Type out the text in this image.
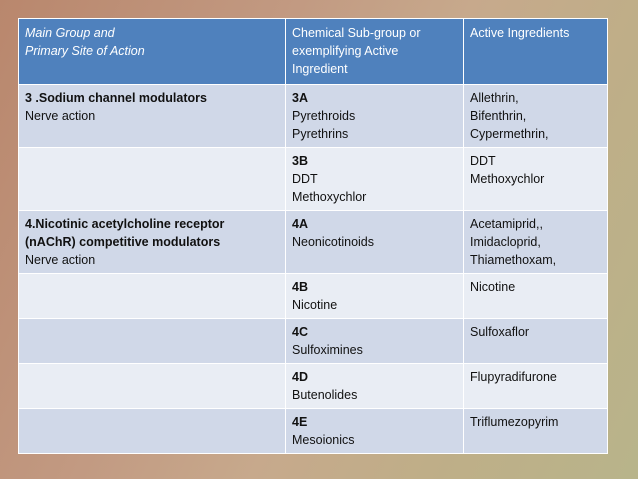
Main Group and
Primary Site of Action	Chemical Sub-group or
exemplifying Active
Ingredient	Active Ingredients

3 .Sodium channel modulators
Nerve action	3A
Pyrethroids
Pyrethrins	Allethrin,
Bifenthrin,
Cypermethrin,

	3B
DDT
Methoxychlor	DDT
Methoxychlor

4.Nicotinic acetylcholine receptor
(nAChR) competitive modulators
Nerve action	4A
Neonicotinoids	Acetamiprid,,
Imidacloprid,
Thiamethoxam,

	4B
Nicotine	Nicotine

	4C
Sulfoximines	Sulfoxaflor

	4D
Butenolides	Flupyradifurone

	4E
Mesoionics	Triflumezopyrim
